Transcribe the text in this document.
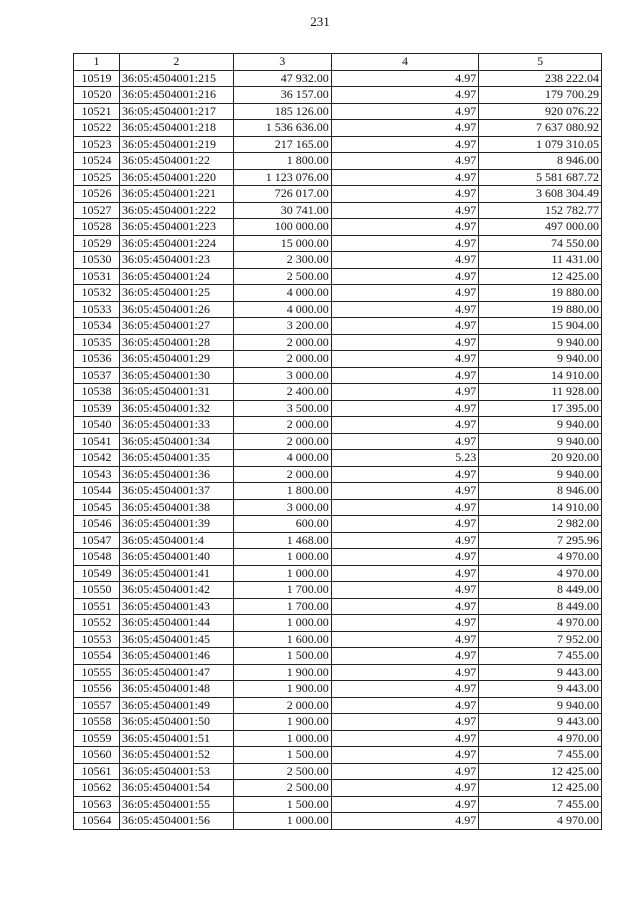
231
1	2	3	4	5
10519	36:05:4504001:215	47 932.00	4.97	238 222.04
10520	36:05:4504001:216	36 157.00	4.97	179 700.29
10521	36:05:4504001:217	185 126.00	4.97	920 076.22
10522	36:05:4504001:218	1 536 636.00	4.97	7 637 080.92
10523	36:05:4504001:219	217 165.00	4.97	1 079 310.05
10524	36:05:4504001:22	1 800.00	4.97	8 946.00
10525	36:05:4504001:220	1 123 076.00	4.97	5 581 687.72
10526	36:05:4504001:221	726 017.00	4.97	3 608 304.49
10527	36:05:4504001:222	30 741.00	4.97	152 782.77
10528	36:05:4504001:223	100 000.00	4.97	497 000.00
10529	36:05:4504001:224	15 000.00	4.97	74 550.00
10530	36:05:4504001:23	2 300.00	4.97	11 431.00
10531	36:05:4504001:24	2 500.00	4.97	12 425.00
10532	36:05:4504001:25	4 000.00	4.97	19 880.00
10533	36:05:4504001:26	4 000.00	4.97	19 880.00
10534	36:05:4504001:27	3 200.00	4.97	15 904.00
10535	36:05:4504001:28	2 000.00	4.97	9 940.00
10536	36:05:4504001:29	2 000.00	4.97	9 940.00
10537	36:05:4504001:30	3 000.00	4.97	14 910.00
10538	36:05:4504001:31	2 400.00	4.97	11 928.00
10539	36:05:4504001:32	3 500.00	4.97	17 395.00
10540	36:05:4504001:33	2 000.00	4.97	9 940.00
10541	36:05:4504001:34	2 000.00	4.97	9 940.00
10542	36:05:4504001:35	4 000.00	5.23	20 920.00
10543	36:05:4504001:36	2 000.00	4.97	9 940.00
10544	36:05:4504001:37	1 800.00	4.97	8 946.00
10545	36:05:4504001:38	3 000.00	4.97	14 910.00
10546	36:05:4504001:39	600.00	4.97	2 982.00
10547	36:05:4504001:4	1 468.00	4.97	7 295.96
10548	36:05:4504001:40	1 000.00	4.97	4 970.00
10549	36:05:4504001:41	1 000.00	4.97	4 970.00
10550	36:05:4504001:42	1 700.00	4.97	8 449.00
10551	36:05:4504001:43	1 700.00	4.97	8 449.00
10552	36:05:4504001:44	1 000.00	4.97	4 970.00
10553	36:05:4504001:45	1 600.00	4.97	7 952.00
10554	36:05:4504001:46	1 500.00	4.97	7 455.00
10555	36:05:4504001:47	1 900.00	4.97	9 443.00
10556	36:05:4504001:48	1 900.00	4.97	9 443.00
10557	36:05:4504001:49	2 000.00	4.97	9 940.00
10558	36:05:4504001:50	1 900.00	4.97	9 443.00
10559	36:05:4504001:51	1 000.00	4.97	4 970.00
10560	36:05:4504001:52	1 500.00	4.97	7 455.00
10561	36:05:4504001:53	2 500.00	4.97	12 425.00
10562	36:05:4504001:54	2 500.00	4.97	12 425.00
10563	36:05:4504001:55	1 500.00	4.97	7 455.00
10564	36:05:4504001:56	1 000.00	4.97	4 970.00
